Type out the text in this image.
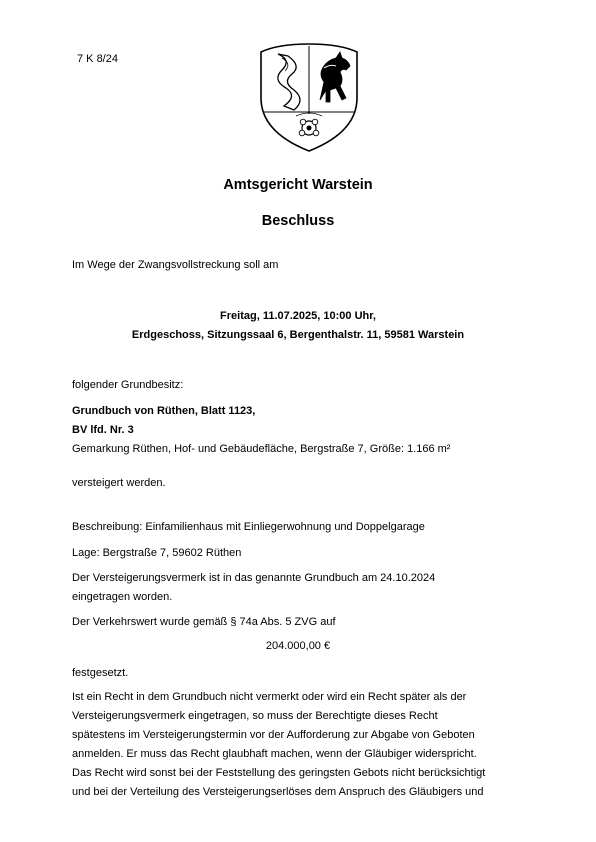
7 K 8/24
Amtsgericht Warstein
Beschluss
Im Wege der Zwangsvollstreckung soll am
Freitag, 11.07.2025, 10:00 Uhr,
Erdgeschoss, Sitzungssaal 6, Bergenthalstr. 11, 59581 Warstein
folgender Grundbesitz:
Grundbuch von Rüthen, Blatt 1123,
BV lfd. Nr. 3
Gemarkung Rüthen, Hof- und Gebäudefläche, Bergstraße 7, Größe: 1.166 m²
versteigert werden.
Beschreibung: Einfamilienhaus mit Einliegerwohnung und Doppelgarage
Lage: Bergstraße 7, 59602 Rüthen
Der Versteigerungsvermerk ist in das genannte Grundbuch am 24.10.2024
eingetragen worden.
Der Verkehrswert wurde gemäß § 74a Abs. 5 ZVG auf
204.000,00 €
festgesetzt.
Ist ein Recht in dem Grundbuch nicht vermerkt oder wird ein Recht später als der
Versteigerungsvermerk eingetragen, so muss der Berechtigte dieses Recht
spätestens im Versteigerungstermin vor der Aufforderung zur Abgabe von Geboten
anmelden. Er muss das Recht glaubhaft machen, wenn der Gläubiger widerspricht.
Das Recht wird sonst bei der Feststellung des geringsten Gebots nicht berücksichtigt
und bei der Verteilung des Versteigerungserlöses dem Anspruch des Gläubigers und
